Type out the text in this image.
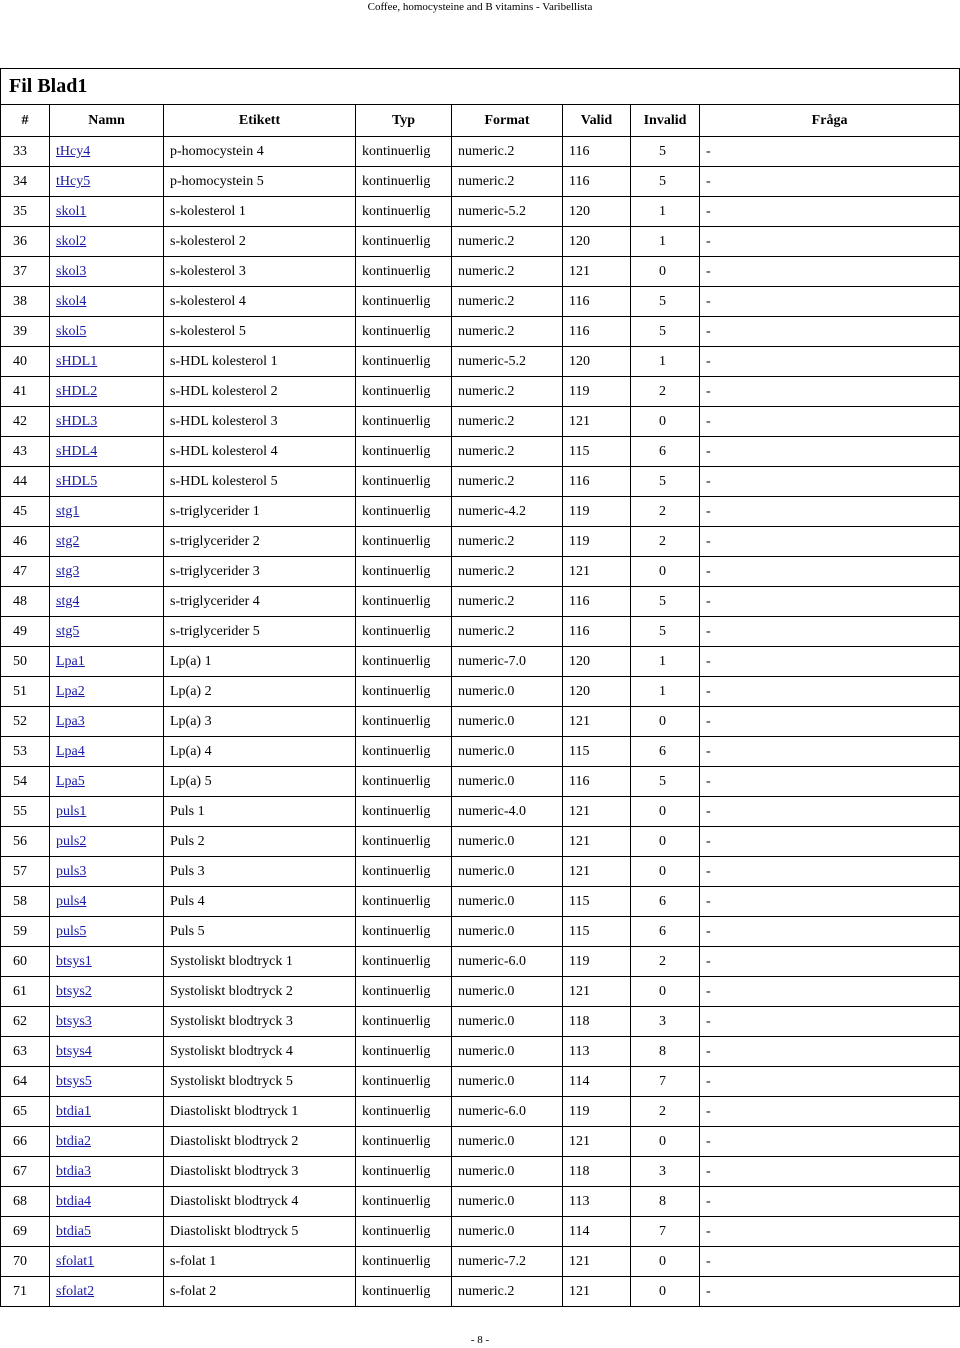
Coffee, homocysteine and B vitamins - Varibellista
Fil Blad1							
#	Namn	Etikett	Typ	Format	Valid	Invalid	Fråga
33	tHcy4	p-homocystein 4	kontinuerlig	numeric.2	116	5	-
34	tHcy5	p-homocystein 5	kontinuerlig	numeric.2	116	5	-
35	skol1	s-kolesterol 1	kontinuerlig	numeric-5.2	120	1	-
36	skol2	s-kolesterol 2	kontinuerlig	numeric.2	120	1	-
37	skol3	s-kolesterol 3	kontinuerlig	numeric.2	121	0	-
38	skol4	s-kolesterol 4	kontinuerlig	numeric.2	116	5	-
39	skol5	s-kolesterol 5	kontinuerlig	numeric.2	116	5	-
40	sHDL1	s-HDL kolesterol 1	kontinuerlig	numeric-5.2	120	1	-
41	sHDL2	s-HDL kolesterol 2	kontinuerlig	numeric.2	119	2	-
42	sHDL3	s-HDL kolesterol 3	kontinuerlig	numeric.2	121	0	-
43	sHDL4	s-HDL kolesterol 4	kontinuerlig	numeric.2	115	6	-
44	sHDL5	s-HDL kolesterol 5	kontinuerlig	numeric.2	116	5	-
45	stg1	s-triglycerider 1	kontinuerlig	numeric-4.2	119	2	-
46	stg2	s-triglycerider 2	kontinuerlig	numeric.2	119	2	-
47	stg3	s-triglycerider 3	kontinuerlig	numeric.2	121	0	-
48	stg4	s-triglycerider 4	kontinuerlig	numeric.2	116	5	-
49	stg5	s-triglycerider 5	kontinuerlig	numeric.2	116	5	-
50	Lpa1	Lp(a) 1	kontinuerlig	numeric-7.0	120	1	-
51	Lpa2	Lp(a) 2	kontinuerlig	numeric.0	120	1	-
52	Lpa3	Lp(a) 3	kontinuerlig	numeric.0	121	0	-
53	Lpa4	Lp(a) 4	kontinuerlig	numeric.0	115	6	-
54	Lpa5	Lp(a) 5	kontinuerlig	numeric.0	116	5	-
55	puls1	Puls 1	kontinuerlig	numeric-4.0	121	0	-
56	puls2	Puls 2	kontinuerlig	numeric.0	121	0	-
57	puls3	Puls 3	kontinuerlig	numeric.0	121	0	-
58	puls4	Puls 4	kontinuerlig	numeric.0	115	6	-
59	puls5	Puls 5	kontinuerlig	numeric.0	115	6	-
60	btsys1	Systoliskt blodtryck 1	kontinuerlig	numeric-6.0	119	2	-
61	btsys2	Systoliskt blodtryck 2	kontinuerlig	numeric.0	121	0	-
62	btsys3	Systoliskt blodtryck 3	kontinuerlig	numeric.0	118	3	-
63	btsys4	Systoliskt blodtryck 4	kontinuerlig	numeric.0	113	8	-
64	btsys5	Systoliskt blodtryck 5	kontinuerlig	numeric.0	114	7	-
65	btdia1	Diastoliskt blodtryck 1	kontinuerlig	numeric-6.0	119	2	-
66	btdia2	Diastoliskt blodtryck 2	kontinuerlig	numeric.0	121	0	-
67	btdia3	Diastoliskt blodtryck 3	kontinuerlig	numeric.0	118	3	-
68	btdia4	Diastoliskt blodtryck 4	kontinuerlig	numeric.0	113	8	-
69	btdia5	Diastoliskt blodtryck 5	kontinuerlig	numeric.0	114	7	-
70	sfolat1	s-folat 1	kontinuerlig	numeric-7.2	121	0	-
71	sfolat2	s-folat 2	kontinuerlig	numeric.2	121	0	-
- 8 -
